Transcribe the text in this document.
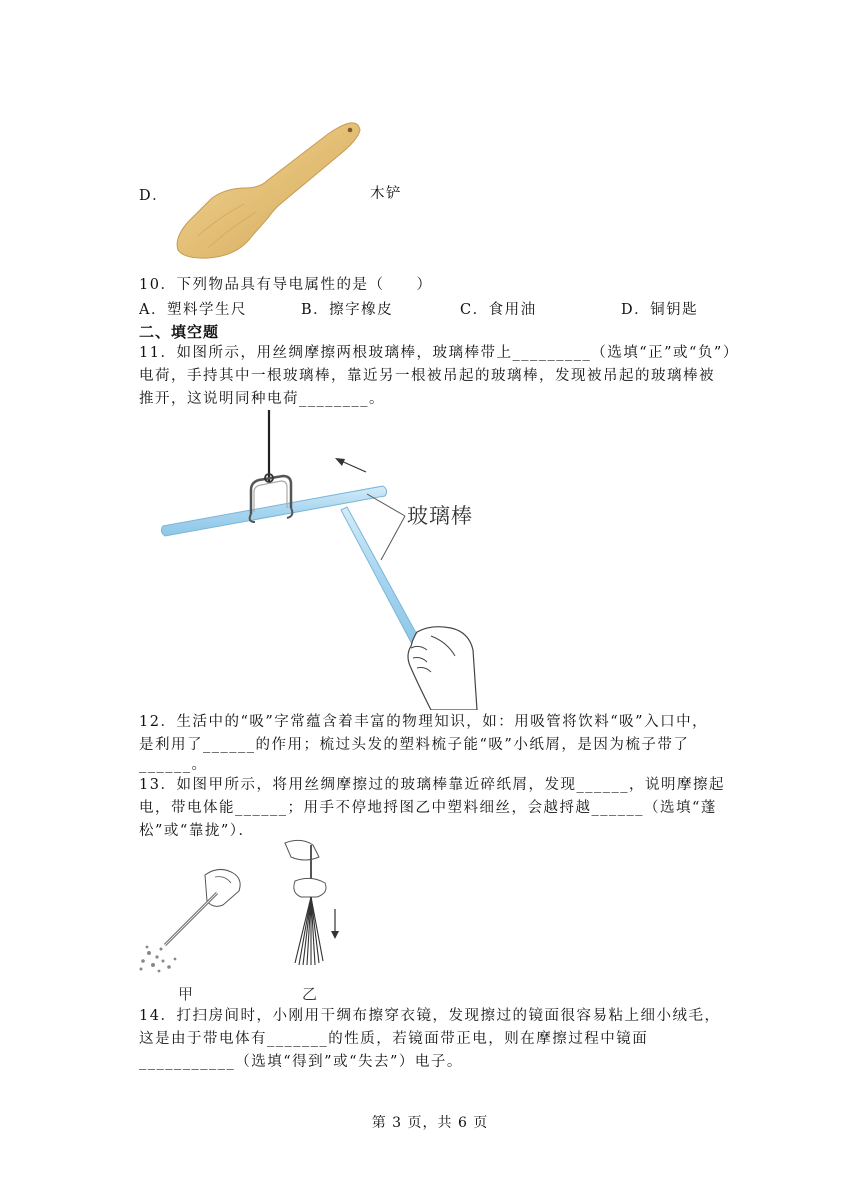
D．	木铲
10．下列物品具有导电属性的是（　　）
A．塑料学生尺	B．擦字橡皮	C．食用油	D．铜钥匙
二、填空题
11．如图所示，用丝绸摩擦两根玻璃棒，玻璃棒带上_________（选填“正”或“负”）
电荷，手持其中一根玻璃棒，靠近另一根被吊起的玻璃棒，发现被吊起的玻璃棒被
推开，这说明同种电荷________。
玻璃棒
12．生活中的“吸”字常蕴含着丰富的物理知识，如：用吸管将饮料“吸”入口中，
是利用了______的作用；梳过头发的塑料梳子能“吸”小纸屑，是因为梳子带了
______。
13．如图甲所示，将用丝绸摩擦过的玻璃棒靠近碎纸屑，发现______，说明摩擦起
电，带电体能______；用手不停地捋图乙中塑料细丝，会越捋越______（选填“蓬
松”或“靠拢”）．
甲	乙
14．打扫房间时，小刚用干绸布擦穿衣镜，发现擦过的镜面很容易粘上细小绒毛，
这是由于带电体有_______的性质，若镜面带正电，则在摩擦过程中镜面
___________（选填“得到”或“失去”）电子。
第 3 页，共 6 页
